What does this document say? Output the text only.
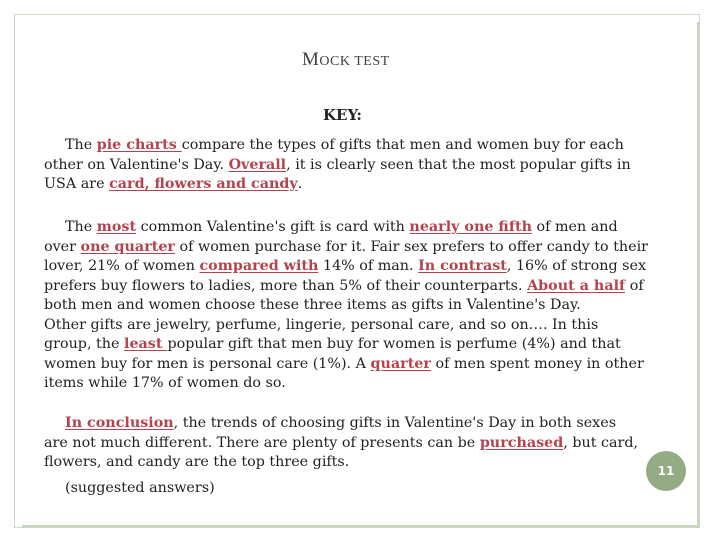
MOCK TEST
KEY:
The pie charts compare the types of gifts that men and women buy for each
other on Valentine's Day. Overall, it is clearly seen that the most popular gifts in
USA are card, flowers and candy.
The most common Valentine's gift is card with nearly one fifth of men and
over one quarter of women purchase for it. Fair sex prefers to offer candy to their
lover, 21% of women compared with 14% of man. In contrast, 16% of strong sex
prefers buy flowers to ladies, more than 5% of their counterparts. About a half of
both men and women choose these three items as gifts in Valentine's Day.
Other gifts are jewelry, perfume, lingerie, personal care, and so on…. In this
group, the least popular gift that men buy for women is perfume (4%) and that
women buy for men is personal care (1%). A quarter of men spent money in other
items while 17% of women do so.
In conclusion, the trends of choosing gifts in Valentine's Day in both sexes
are not much different. There are plenty of presents can be purchased, but card,
flowers, and candy are the top three gifts.
(suggested answers)
11
